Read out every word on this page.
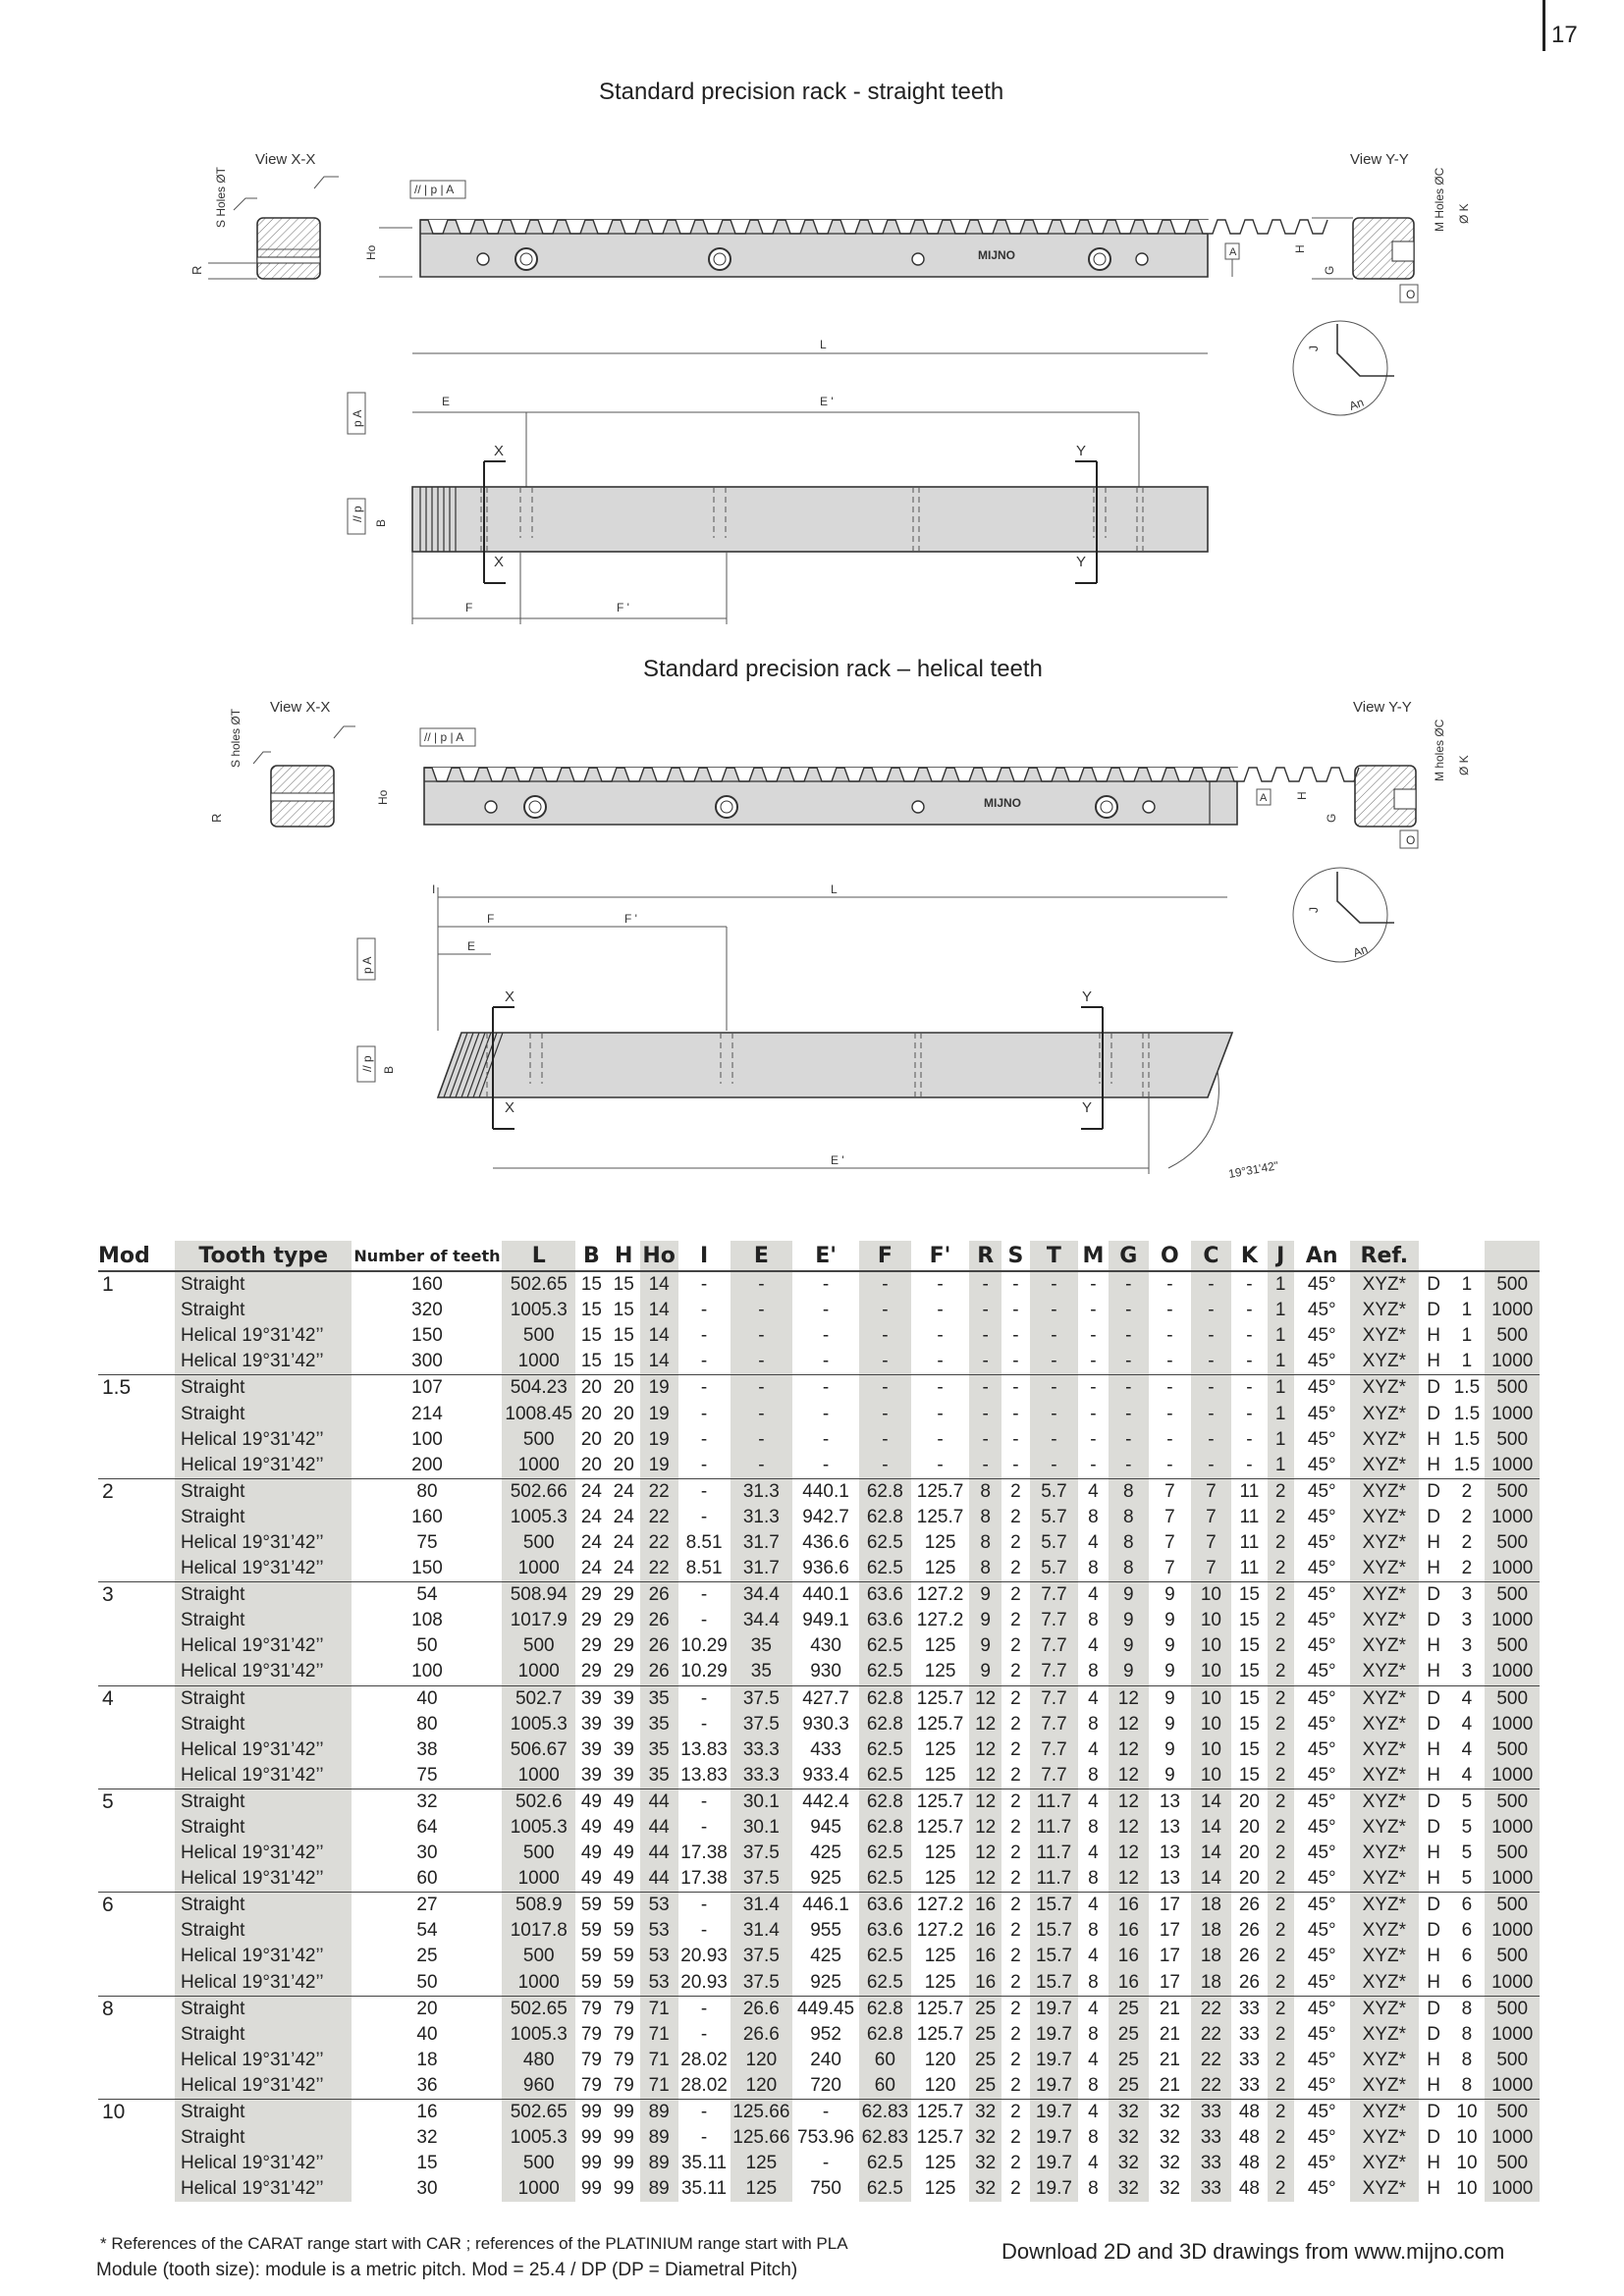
17
Standard precision rack - straight teeth
Standard precision rack – helical teeth
View X-X
S Holes ØT
R
// | p | A
Ho	MIJNO	A
View Y-Y
M Holes ØC Ø K
H
G
O
J
An
L
E	E '
p A
// p
B
X
X
Y
Y
F	F '
View X-X
S holes ØT
R
// | p | A
Ho	MIJNO	A
View Y-Y
M holes ØC Ø K
H
G
O
J
An
I	L
F	F '
E
p A
// p B
X
X
Y
Y
E '	19°31'42"
Mod	Tooth type	Number of teeth	L	B	H	Ho	I	E	E'	F	F'	R	S	T	M	G	O	C	K	J	An	Ref.			
1	Straight	160	502.65	15	15	14	-	-	-	-	-	-	-	-	-	-	-	-	-	1	45°	XYZ*	D	1	500
	Straight	320	1005.3	15	15	14	-	-	-	-	-	-	-	-	-	-	-	-	-	1	45°	XYZ*	D	1	1000
	Helical 19°31’42’’	150	500	15	15	14	-	-	-	-	-	-	-	-	-	-	-	-	-	1	45°	XYZ*	H	1	500
	Helical 19°31’42’’	300	1000	15	15	14	-	-	-	-	-	-	-	-	-	-	-	-	-	1	45°	XYZ*	H	1	1000
1.5	Straight	107	504.23	20	20	19	-	-	-	-	-	-	-	-	-	-	-	-	-	1	45°	XYZ*	D	1.5	500
	Straight	214	1008.45	20	20	19	-	-	-	-	-	-	-	-	-	-	-	-	-	1	45°	XYZ*	D	1.5	1000
	Helical 19°31’42’’	100	500	20	20	19	-	-	-	-	-	-	-	-	-	-	-	-	-	1	45°	XYZ*	H	1.5	500
	Helical 19°31’42’’	200	1000	20	20	19	-	-	-	-	-	-	-	-	-	-	-	-	-	1	45°	XYZ*	H	1.5	1000
2	Straight	80	502.66	24	24	22	-	31.3	440.1	62.8	125.7	8	2	5.7	4	8	7	7	11	2	45°	XYZ*	D	2	500
	Straight	160	1005.3	24	24	22	-	31.3	942.7	62.8	125.7	8	2	5.7	8	8	7	7	11	2	45°	XYZ*	D	2	1000
	Helical 19°31’42’’	75	500	24	24	22	8.51	31.7	436.6	62.5	125	8	2	5.7	4	8	7	7	11	2	45°	XYZ*	H	2	500
	Helical 19°31’42’’	150	1000	24	24	22	8.51	31.7	936.6	62.5	125	8	2	5.7	8	8	7	7	11	2	45°	XYZ*	H	2	1000
3	Straight	54	508.94	29	29	26	-	34.4	440.1	63.6	127.2	9	2	7.7	4	9	9	10	15	2	45°	XYZ*	D	3	500
	Straight	108	1017.9	29	29	26	-	34.4	949.1	63.6	127.2	9	2	7.7	8	9	9	10	15	2	45°	XYZ*	D	3	1000
	Helical 19°31’42’’	50	500	29	29	26	10.29	35	430	62.5	125	9	2	7.7	4	9	9	10	15	2	45°	XYZ*	H	3	500
	Helical 19°31’42’’	100	1000	29	29	26	10.29	35	930	62.5	125	9	2	7.7	8	9	9	10	15	2	45°	XYZ*	H	3	1000
4	Straight	40	502.7	39	39	35	-	37.5	427.7	62.8	125.7	12	2	7.7	4	12	9	10	15	2	45°	XYZ*	D	4	500
	Straight	80	1005.3	39	39	35	-	37.5	930.3	62.8	125.7	12	2	7.7	8	12	9	10	15	2	45°	XYZ*	D	4	1000
	Helical 19°31’42’’	38	506.67	39	39	35	13.83	33.3	433	62.5	125	12	2	7.7	4	12	9	10	15	2	45°	XYZ*	H	4	500
	Helical 19°31’42’’	75	1000	39	39	35	13.83	33.3	933.4	62.5	125	12	2	7.7	8	12	9	10	15	2	45°	XYZ*	H	4	1000
5	Straight	32	502.6	49	49	44	-	30.1	442.4	62.8	125.7	12	2	11.7	4	12	13	14	20	2	45°	XYZ*	D	5	500
	Straight	64	1005.3	49	49	44	-	30.1	945	62.8	125.7	12	2	11.7	8	12	13	14	20	2	45°	XYZ*	D	5	1000
	Helical 19°31’42’’	30	500	49	49	44	17.38	37.5	425	62.5	125	12	2	11.7	4	12	13	14	20	2	45°	XYZ*	H	5	500
	Helical 19°31’42’’	60	1000	49	49	44	17.38	37.5	925	62.5	125	12	2	11.7	8	12	13	14	20	2	45°	XYZ*	H	5	1000
6	Straight	27	508.9	59	59	53	-	31.4	446.1	63.6	127.2	16	2	15.7	4	16	17	18	26	2	45°	XYZ*	D	6	500
	Straight	54	1017.8	59	59	53	-	31.4	955	63.6	127.2	16	2	15.7	8	16	17	18	26	2	45°	XYZ*	D	6	1000
	Helical 19°31’42’’	25	500	59	59	53	20.93	37.5	425	62.5	125	16	2	15.7	4	16	17	18	26	2	45°	XYZ*	H	6	500
	Helical 19°31’42’’	50	1000	59	59	53	20.93	37.5	925	62.5	125	16	2	15.7	8	16	17	18	26	2	45°	XYZ*	H	6	1000
8	Straight	20	502.65	79	79	71	-	26.6	449.45	62.8	125.7	25	2	19.7	4	25	21	22	33	2	45°	XYZ*	D	8	500
	Straight	40	1005.3	79	79	71	-	26.6	952	62.8	125.7	25	2	19.7	8	25	21	22	33	2	45°	XYZ*	D	8	1000
	Helical 19°31’42’’	18	480	79	79	71	28.02	120	240	60	120	25	2	19.7	4	25	21	22	33	2	45°	XYZ*	H	8	500
	Helical 19°31’42’’	36	960	79	79	71	28.02	120	720	60	120	25	2	19.7	8	25	21	22	33	2	45°	XYZ*	H	8	1000
10	Straight	16	502.65	99	99	89	-	125.66	-	62.83	125.7	32	2	19.7	4	32	32	33	48	2	45°	XYZ*	D	10	500
	Straight	32	1005.3	99	99	89	-	125.66	753.96	62.83	125.7	32	2	19.7	8	32	32	33	48	2	45°	XYZ*	D	10	1000
	Helical 19°31’42’’	15	500	99	99	89	35.11	125	-	62.5	125	32	2	19.7	4	32	32	33	48	2	45°	XYZ*	H	10	500
	Helical 19°31’42’’	30	1000	99	99	89	35.11	125	750	62.5	125	32	2	19.7	8	32	32	33	48	2	45°	XYZ*	H	10	1000
* References of the CARAT range start with CAR ; references of the PLATINIUM range start with PLA
Module (tooth size): module is a metric pitch. Mod = 25.4 / DP (DP = Diametral Pitch)
Download 2D and 3D drawings from www.mijno.com
